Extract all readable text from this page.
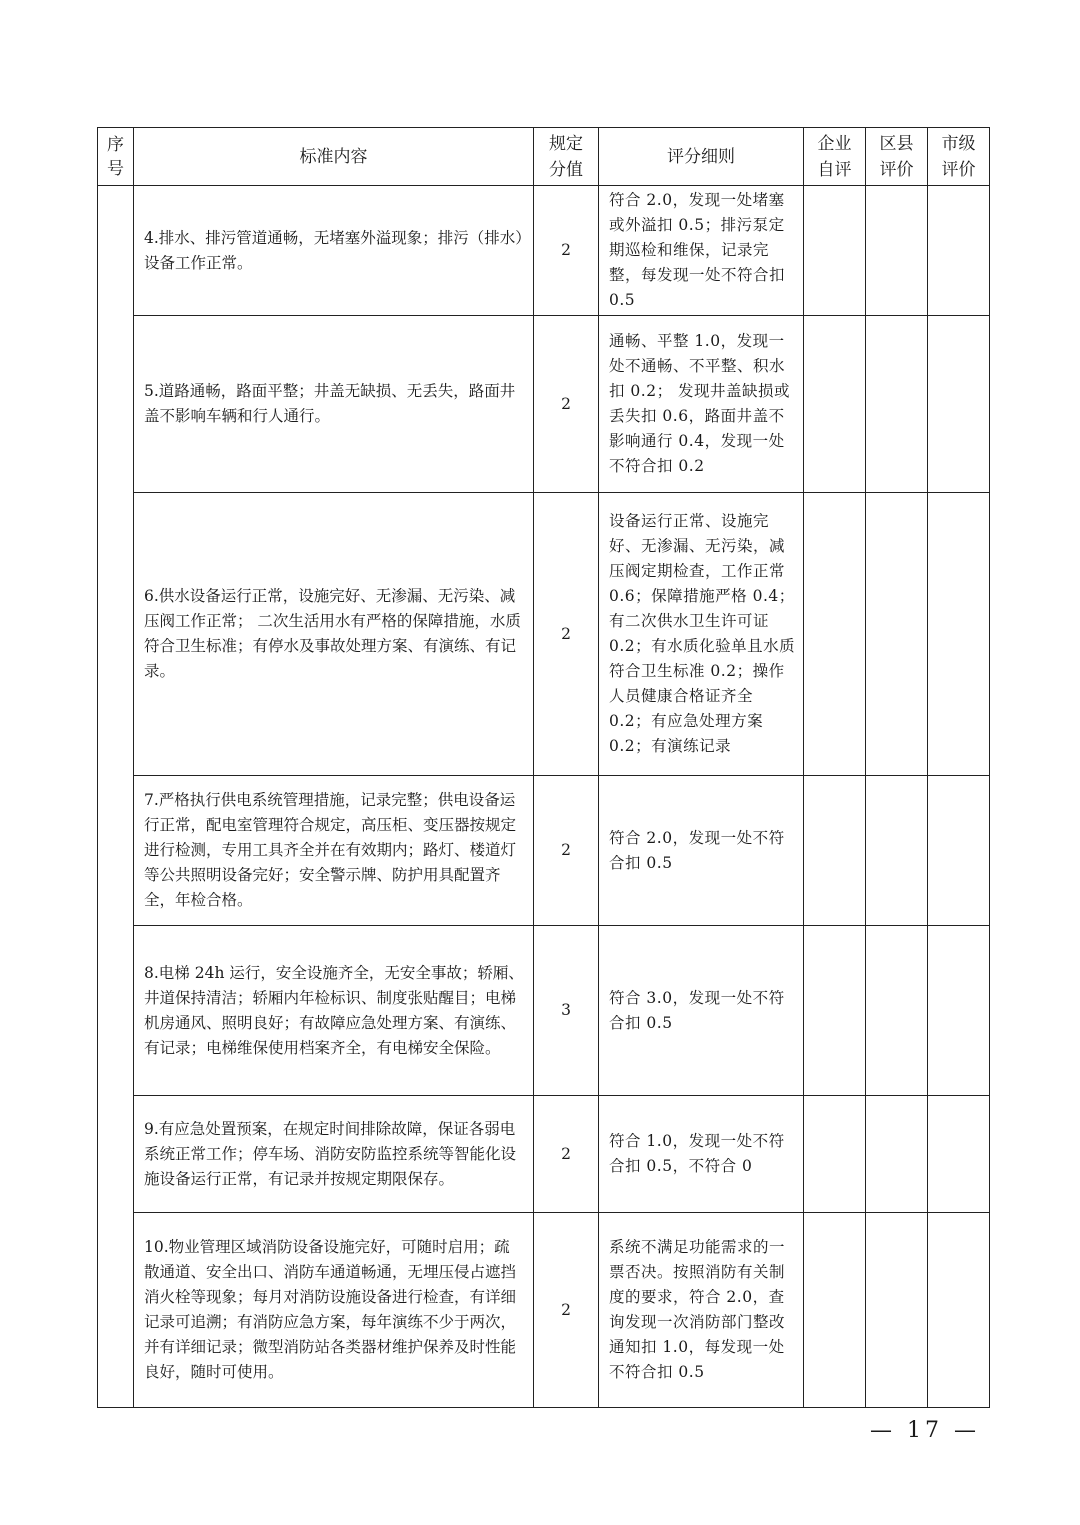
序号	标准内容	规定分值	评分细则	企业自评	区县评价	市级评价

	4.排水、排污管道通畅，无堵塞外溢现象；排污（排水）设备工作正常。	2	符合 2.0，发现一处堵塞或外溢扣 0.5；排污泵定期巡检和维保，记录完整，每发现一处不符合扣 0.5			
	5.道路通畅，路面平整；井盖无缺损、无丢失，路面井盖不影响车辆和行人通行。	2	通畅、平整 1.0，发现一处不通畅、不平整、积水扣 0.2； 发现井盖缺损或丢失扣 0.6，路面井盖不影响通行 0.4，发现一处不符合扣 0.2			
	6.供水设备运行正常，设施完好、无渗漏、无污染、减压阀工作正常； 二次生活用水有严格的保障措施，水质符合卫生标准；有停水及事故处理方案、有演练、有记录。	2	设备运行正常、设施完好、无渗漏、无污染，减压阀定期检查，工作正常 0.6；保障措施严格 0.4；有二次供水卫生许可证 0.2；有水质化验单且水质符合卫生标准 0.2；操作人员健康合格证齐全 0.2；有应急处理方案 0.2；有演练记录			
	7.严格执行供电系统管理措施，记录完整；供电设备运行正常，配电室管理符合规定，高压柜、变压器按规定进行检测，专用工具齐全并在有效期内；路灯、楼道灯等公共照明设备完好；安全警示牌、防护用具配置齐全，年检合格。	2	符合 2.0，发现一处不符合扣 0.5			
	8.电梯 24h 运行，安全设施齐全，无安全事故；轿厢、井道保持清洁；轿厢内年检标识、制度张贴醒目；电梯机房通风、照明良好；有故障应急处理方案、有演练、有记录；电梯维保使用档案齐全，有电梯安全保险。	3	符合 3.0，发现一处不符合扣 0.5			
	9.有应急处置预案，在规定时间排除故障，保证各弱电系统正常工作；停车场、消防安防监控系统等智能化设施设备运行正常，有记录并按规定期限保存。	2	符合 1.0，发现一处不符合扣 0.5，不符合 0			
	10.物业管理区域消防设备设施完好，可随时启用；疏散通道、安全出口、消防车通道畅通，无埋压侵占遮挡消火栓等现象；每月对消防设施设备进行检查，有详细记录可追溯；有消防应急方案，每年演练不少于两次，并有详细记录；微型消防站各类器材维护保养及时性能良好，随时可使用。	2	系统不满足功能需求的一票否决。按照消防有关制度的要求，符合 2.0，查询发现一次消防部门整改通知扣 1.0，每发现一处不符合扣 0.5			
— 17 —
